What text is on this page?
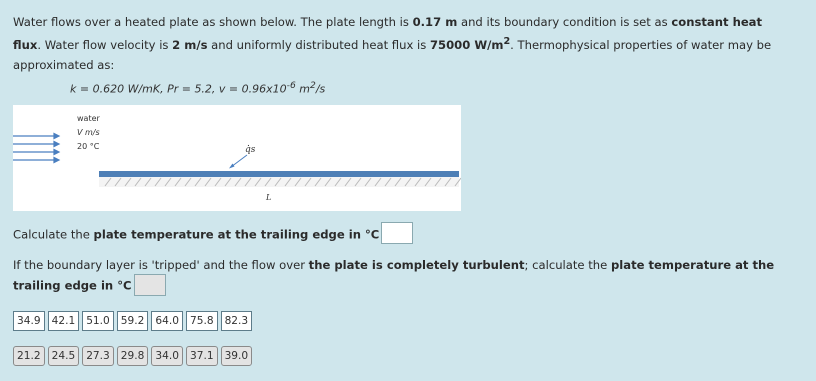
Water flows over a heated plate as shown below. The plate length is 0.17 m and its boundary condition is set as constant heat flux. Water flow velocity is 2 m/s and uniformly distributed heat flux is 75000 $W/m^2$. Thermophysical properties of water may be approximated as:
k = 0.620 W/mK, Pr = 5.2, $v = 0.96x10^{-6}$ $m^2/s$
water
V m/s
20 °C	q̇̇s
L
Calculate the plate temperature at the trailing edge in °C
If the boundary layer is 'tripped' and the flow over the plate is completely turbulent; calculate the plate temperature at the trailing edge in °C
34.9	42.1	51.0	59.2	64.0	75.8	82.3
21.2	24.5	27.3	29.8	34.0	37.1	39.0
